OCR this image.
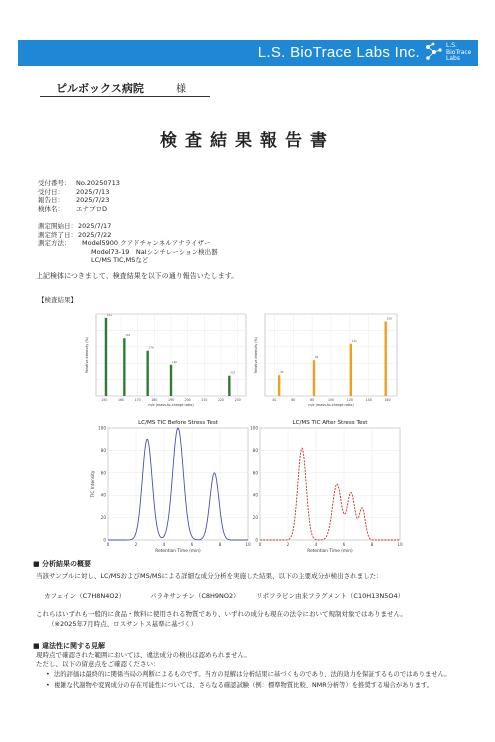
L.S. BioTrace Labs Inc.	L.S. BioTrace Labs
ピルボックス病院	様
検査結果報告書
受付番号： No.20250713
受付日：	2025/7/13
報告日：	2025/7/23
検体名：	エナブロD
測定開始日： 2025/7/17
測定終了日： 2025/7/22
測定方法：	Model5900 クアドチャンネルアナライザー
Model73-19　NaIシンチレーション検出器
LC/MS TIC,MSなど
上記検体につきまして、検査結果を以下の通り報告いたします。
【検査結果】
150	160	170	180	190	200	210	220	230
151
162
176
190
225
m/z (mass-to-charge ratio)
Relative Intensity (%)
40	60	80	100	120	140	160
45
82
121
158
m/z (mass-to-charge ratio)
Relative Intensity (%)
0
20
40
60
80
100
0	2	4	6	8	10
LC/MS TIC Before Stress Test
Retention Time (min)
TIC Intensity
0
20
40
60
80
100
0	2	4	6	8	10
LC/MS TIC After Stress Test
Retention Time (min)
■ 分析結果の概要
当該サンプルに対し、LC/MSおよびMS/MSによる詳細な成分分析を実施した結果、以下の主要成分が検出されました：
カフェイン（C7H8N4O2）	パラキサンチン（C8H9NO2）	リボフラビン由来フラグメント（C10H13N5O4）
これらはいずれも一般的に食品・飲料に使用される物質であり、いずれの成分も現在の法令において規制対象ではありません。
（※2025年7月時点、ロスサントス基準に基づく）
■ 違法性に関する見解
現時点で確認された範囲においては、違法成分の検出は認められません。
ただし、以下の留意点をご確認ください：
• 法的評価は最終的に関係当局の判断によるものです。当方の見解は分析結果に基づくものであり、法的効力を保証するものではありません。
• 複雑な代謝物や変異成分の存在可能性については、さらなる確認試験（例：標準物質比較、NMR分析等）を推奨する場合があります。
